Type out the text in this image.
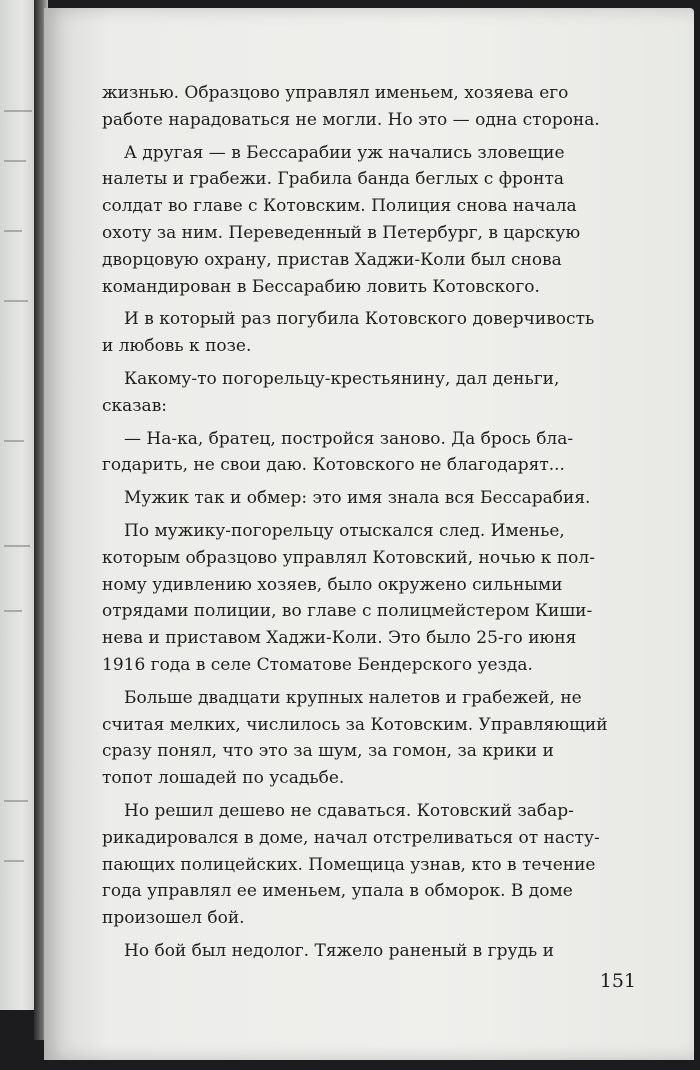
жизнью. Образцово управлял именьем, хозяева его
работе нарадоваться не могли. Но это — одна сторона.

А другая — в Бессарабии уж начались зловещие
налеты и грабежи. Грабила банда беглых с фронта
солдат во главе с Котовским. Полиция снова начала
охоту за ним. Переведенный в Петербург, в царскую
дворцовую охрану, пристав Хаджи-Коли был снова
командирован в Бессарабию ловить Котовского.

И в который раз погубила Котовского доверчивость
и любовь к позе.

Какому-то погорельцу-крестьянину, дал деньги,
сказав:

— На-ка, братец, постройся заново. Да брось бла-
годарить, не свои даю. Котовского не благодарят...

Мужик так и обмер: это имя знала вся Бессарабия.

По мужику-погорельцу отыскался след. Именье,
которым образцово управлял Котовский, ночью к пол-
ному удивлению хозяев, было окружено сильными
отрядами полиции, во главе с полицмейстером Киши-
нева и приставом Хаджи-Коли. Это было 25-го июня
1916 года в селе Стоматове Бендерского уезда.

Больше двадцати крупных налетов и грабежей, не
считая мелких, числилось за Котовским. Управляющий
сразу понял, что это за шум, за гомон, за крики и
топот лошадей по усадьбе.

Но решил дешево не сдаваться. Котовский забар-
рикадировался в доме, начал отстреливаться от насту-
пающих полицейских. Помещица узнав, кто в течение
года управлял ее именьем, упала в обморок. В доме
произошел бой.

Но бой был недолог. Тяжело раненый в грудь и

151
